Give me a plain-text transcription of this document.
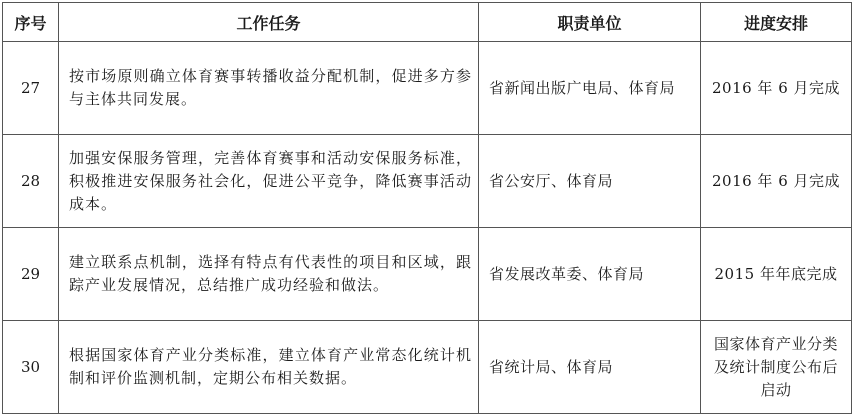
序号	工作任务	职责单位	进度安排
27	按市场原则确立体育赛事转播收益分配机制，促进多方参与主体共同发展。	省新闻出版广电局、体育局	2016 年 6 月完成
28	加强安保服务管理，完善体育赛事和活动安保服务标准，积极推进安保服务社会化，促进公平竞争，降低赛事活动成本。	省公安厅、体育局	2016 年 6 月完成
29	建立联系点机制，选择有特点有代表性的项目和区域，跟踪产业发展情况，总结推广成功经验和做法。	省发展改革委、体育局	2015 年年底完成
30	根据国家体育产业分类标准，建立体育产业常态化统计机制和评价监测机制，定期公布相关数据。	省统计局、体育局	国家体育产业分类及统计制度公布后启动
